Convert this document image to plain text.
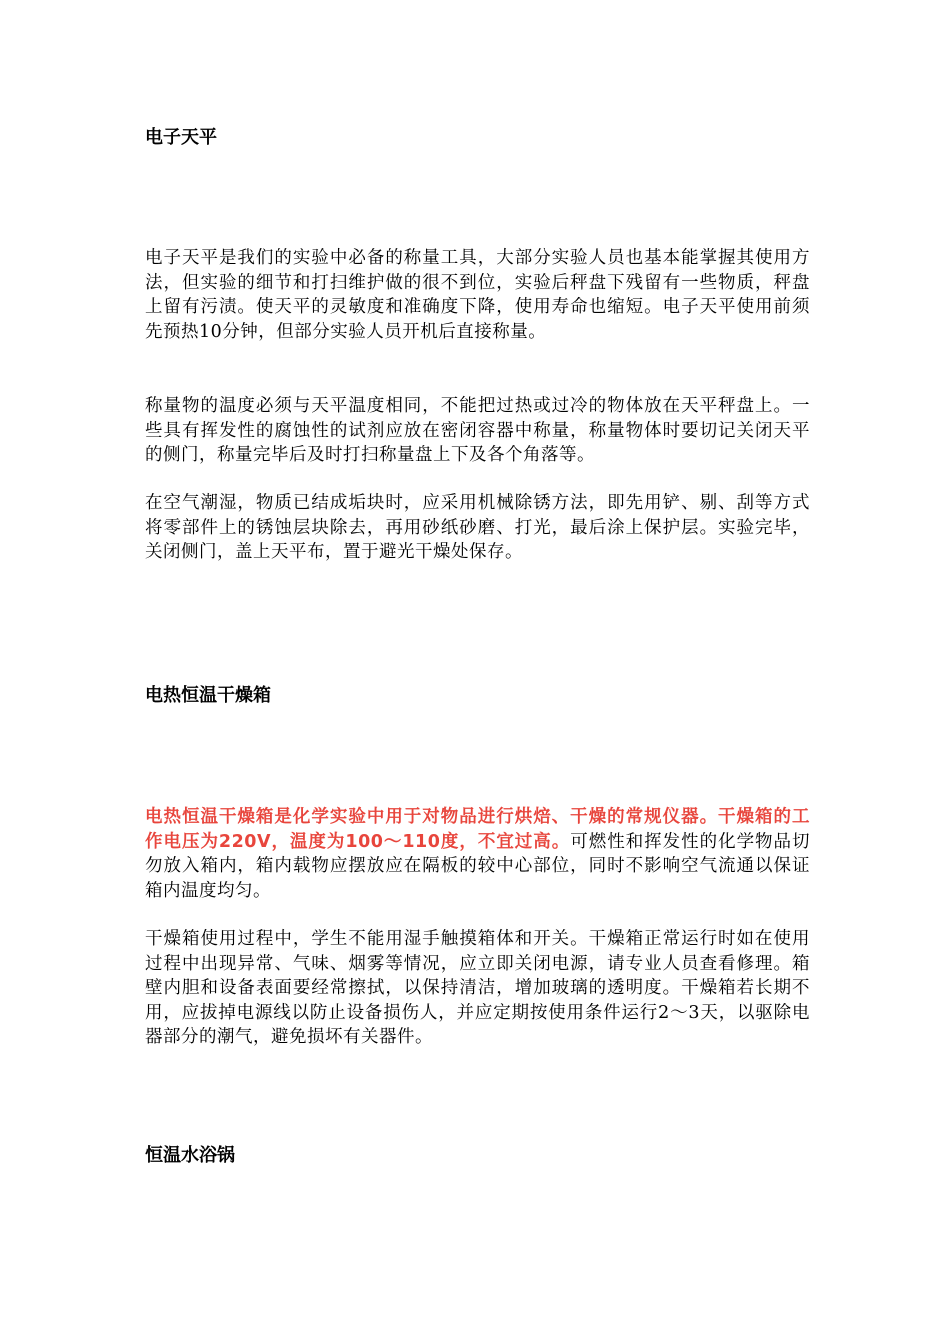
电子天平

电子天平是我们的实验中必备的称量工具，大部分实验人员也基本能掌握其使用方法，但实验的细节和打扫维护做的很不到位，实验后秤盘下残留有一些物质，秤盘上留有污渍。使天平的灵敏度和准确度下降，使用寿命也缩短。电子天平使用前须先预热10分钟，但部分实验人员开机后直接称量。

称量物的温度必须与天平温度相同，不能把过热或过冷的物体放在天平秤盘上。一些具有挥发性的腐蚀性的试剂应放在密闭容器中称量，称量物体时要切记关闭天平的侧门，称量完毕后及时打扫称量盘上下及各个角落等。

在空气潮湿，物质已结成垢块时，应采用机械除锈方法，即先用铲、剔、刮等方式将零部件上的锈蚀层块除去，再用砂纸砂磨、打光，最后涂上保护层。实验完毕，关闭侧门，盖上天平布，置于避光干燥处保存。

电热恒温干燥箱

电热恒温干燥箱是化学实验中用于对物品进行烘焙、干燥的常规仪器。干燥箱的工作电压为220V，温度为100～110度，不宜过高。可燃性和挥发性的化学物品切勿放入箱内，箱内载物应摆放应在隔板的较中心部位，同时不影响空气流通以保证箱内温度均匀。

干燥箱使用过程中，学生不能用湿手触摸箱体和开关。干燥箱正常运行时如在使用过程中出现异常、气味、烟雾等情况，应立即关闭电源，请专业人员查看修理。箱壁内胆和设备表面要经常擦拭，以保持清洁，增加玻璃的透明度。干燥箱若长期不用，应拔掉电源线以防止设备损伤人，并应定期按使用条件运行2～3天，以驱除电器部分的潮气，避免损坏有关器件。

恒温水浴锅
